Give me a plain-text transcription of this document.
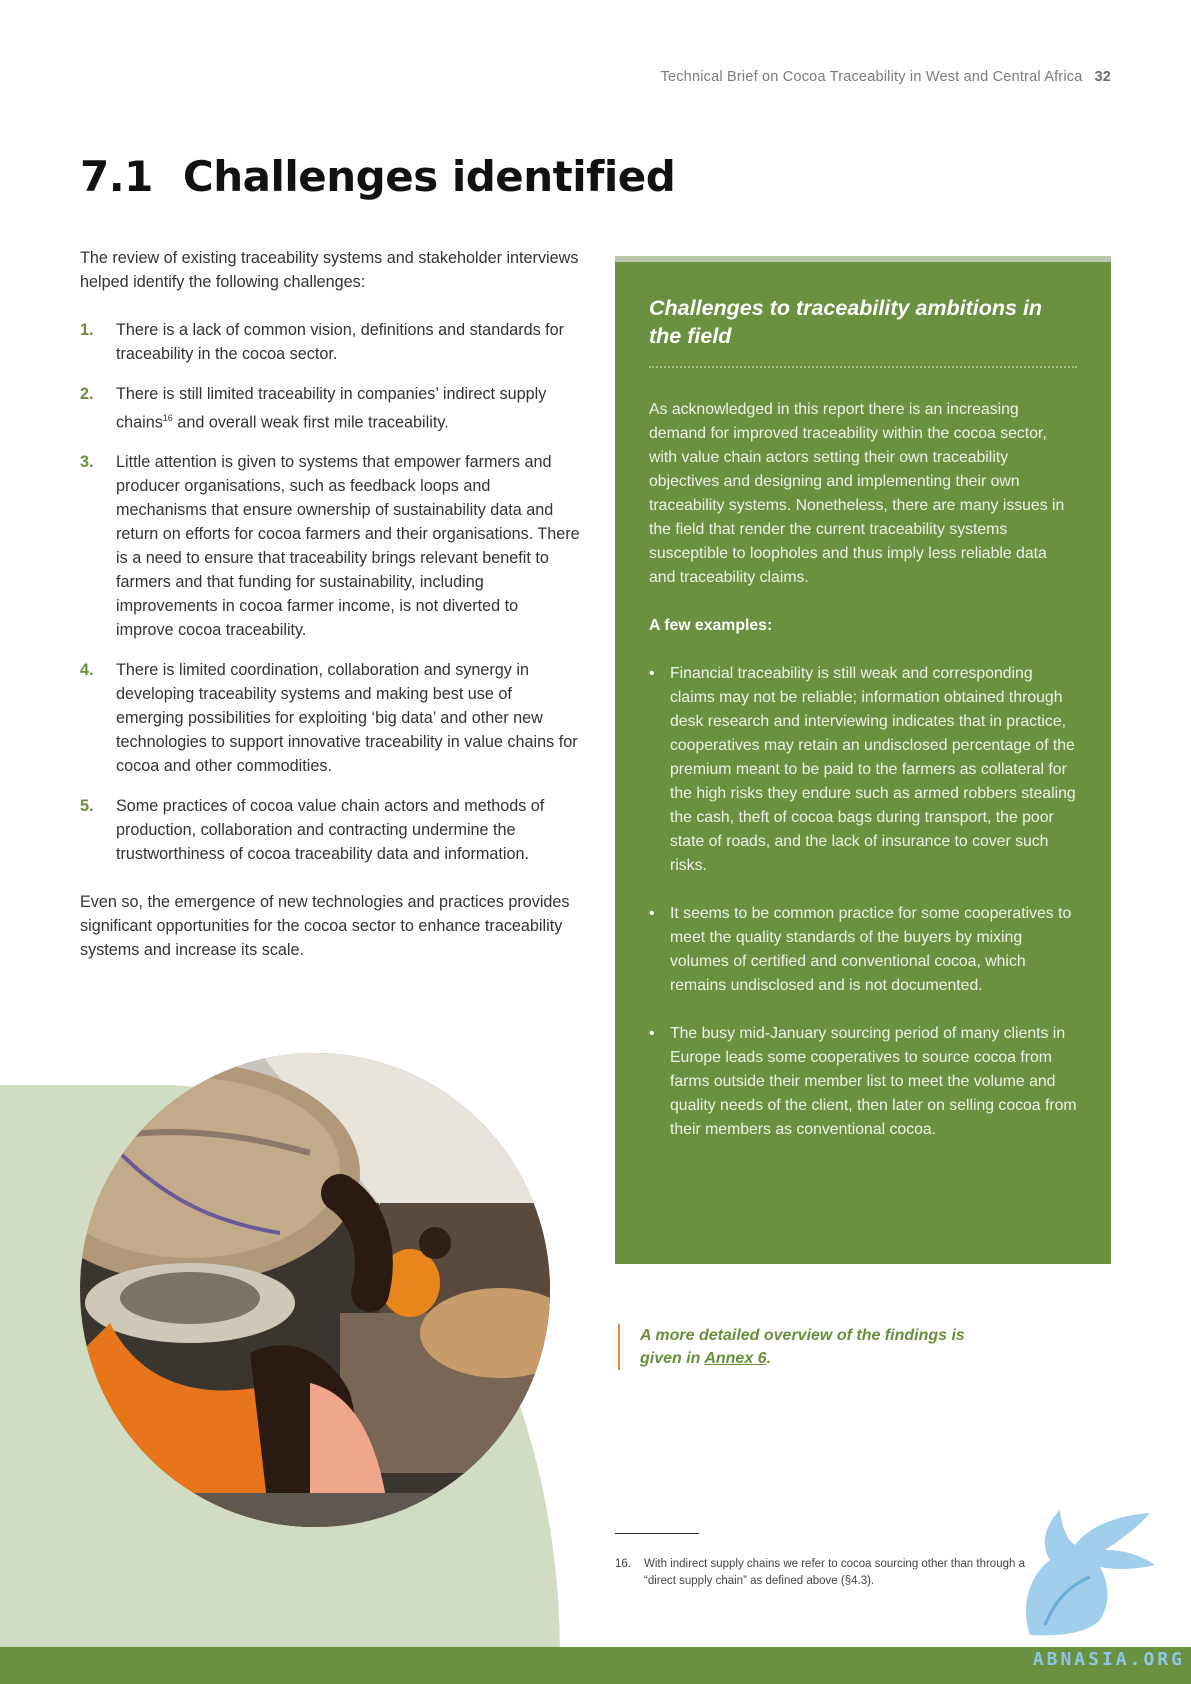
Technical Brief on Cocoa Traceability in West and Central Africa 32
7.1 Challenges identified

The review of existing traceability systems and stakeholder interviews helped identify the following challenges:

1. There is a lack of common vision, definitions and standards for traceability in the cocoa sector.
2. There is still limited traceability in companies’ indirect supply chains$^{16}$ and overall weak first mile traceability.
3. Little attention is given to systems that empower farmers and producer organisations, such as feedback loops and mechanisms that ensure ownership of sustainability data and return on efforts for cocoa farmers and their organisations. There is a need to ensure that traceability brings relevant benefit to farmers and that funding for sustainability, including improvements in cocoa farmer income, is not diverted to improve cocoa traceability.
4. There is limited coordination, collaboration and synergy in developing traceability systems and making best use of emerging possibilities for exploiting ‘big data’ and other new technologies to support innovative traceability in value chains for cocoa and other commodities.
5. Some practices of cocoa value chain actors and methods of production, collaboration and contracting undermine the trustworthiness of cocoa traceability data and information.

Even so, the emergence of new technologies and practices provides significant opportunities for the cocoa sector to enhance traceability systems and increase its scale.

Challenges to traceability ambitions in the field

As acknowledged in this report there is an increasing demand for improved traceability within the cocoa sector, with value chain actors setting their own traceability objectives and designing and implementing their own traceability systems. Nonetheless, there are many issues in the field that render the current traceability systems susceptible to loopholes and thus imply less reliable data and traceability claims.

A few examples:

• Financial traceability is still weak and corresponding claims may not be reliable; information obtained through desk research and interviewing indicates that in practice, cooperatives may retain an undisclosed percentage of the premium meant to be paid to the farmers as collateral for the high risks they endure such as armed robbers stealing the cash, theft of cocoa bags during transport, the poor state of roads, and the lack of insurance to cover such risks.
• It seems to be common practice for some cooperatives to meet the quality standards of the buyers by mixing volumes of certified and conventional cocoa, which remains undisclosed and is not documented.
• The busy mid-January sourcing period of many clients in Europe leads some cooperatives to source cocoa from farms outside their member list to meet the volume and quality needs of the client, then later on selling cocoa from their members as conventional cocoa.
A more detailed overview of the findings is given in Annex 6.
16.	With indirect supply chains we refer to cocoa sourcing other than through a “direct supply chain” as defined above (§4.3).
ABNASIA.ORG
